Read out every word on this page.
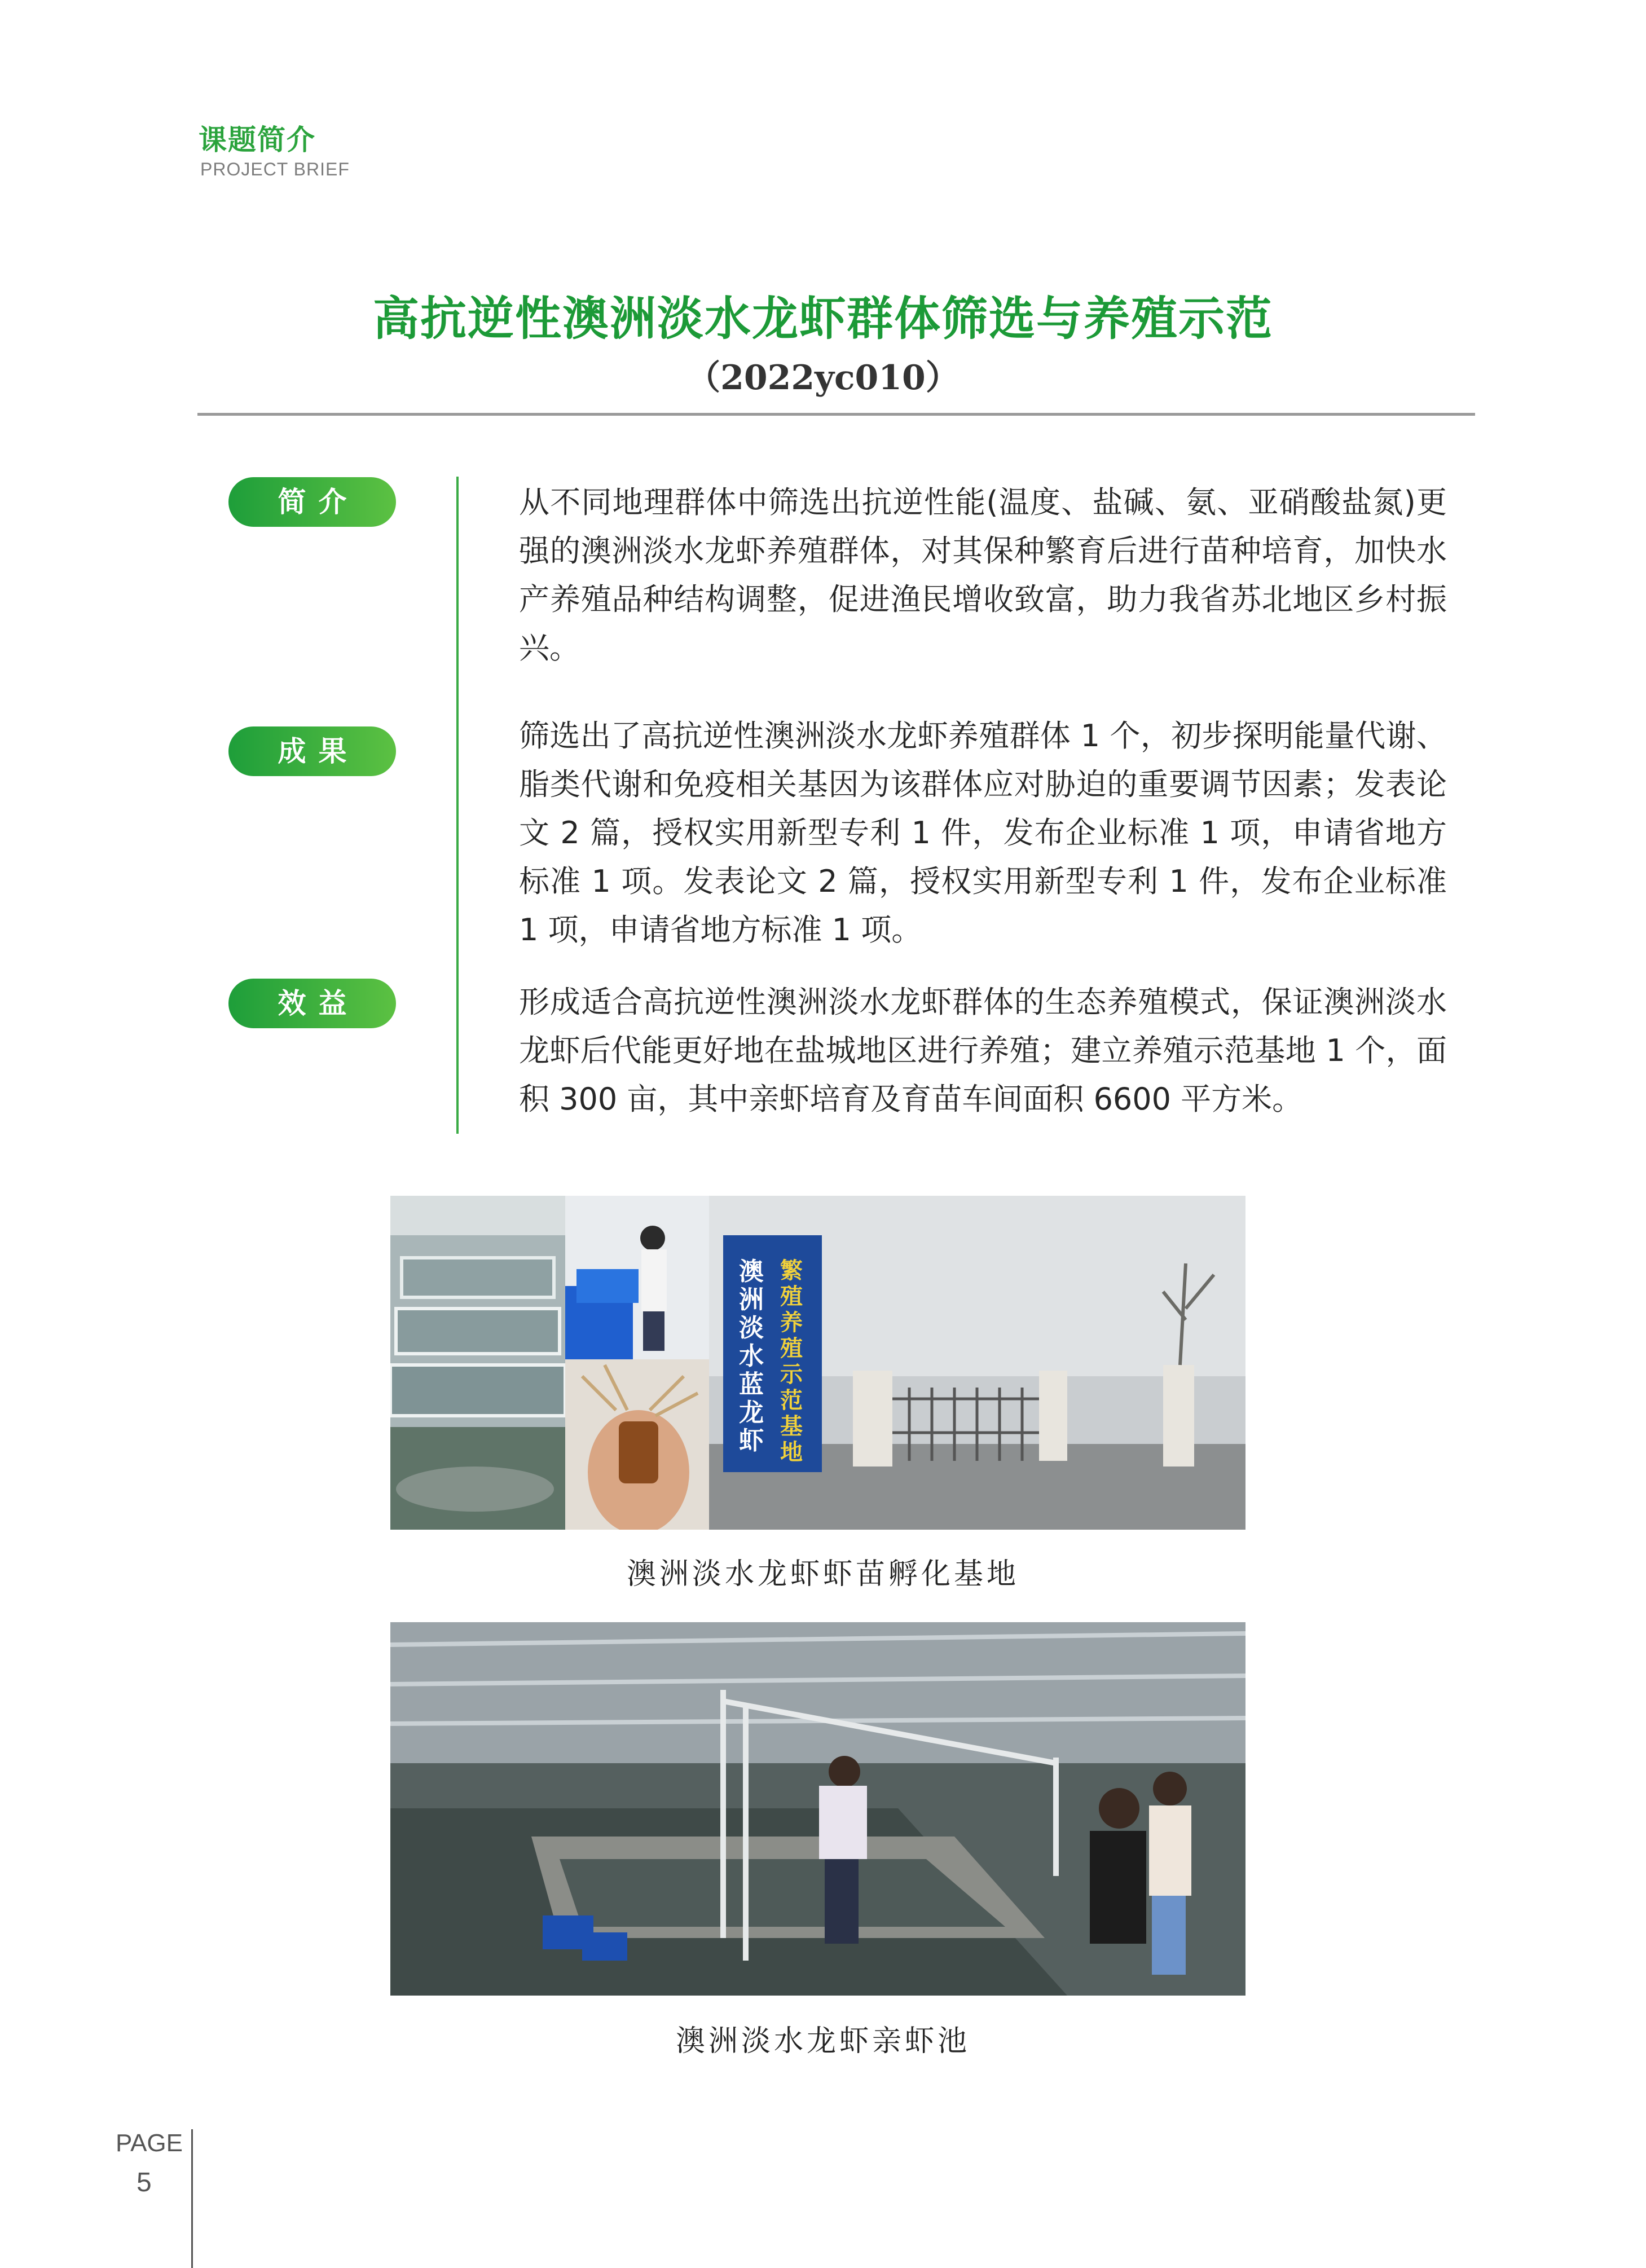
课题简介
PROJECT BRIEF
高抗逆性澳洲淡水龙虾群体筛选与养殖示范
（2022yc010）
简介	从不同地理群体中筛选出抗逆性能(温度、盐碱、氨、亚硝酸盐氮)更强的澳洲淡水龙虾养殖群体，对其保种繁育后进行苗种培育，加快水产养殖品种结构调整，促进渔民增收致富，助力我省苏北地区乡村振兴。
成果	筛选出了高抗逆性澳洲淡水龙虾养殖群体 1 个，初步探明能量代谢、脂类代谢和免疫相关基因为该群体应对胁迫的重要调节因素；发表论文 2 篇，授权实用新型专利 1 件，发布企业标准 1 项，申请省地方标准 1 项。发表论文 2 篇，授权实用新型专利 1 件，发布企业标准 1 项，申请省地方标准 1 项。
效益	形成适合高抗逆性澳洲淡水龙虾群体的生态养殖模式，保证澳洲淡水龙虾后代能更好地在盐城地区进行养殖；建立养殖示范基地 1 个，面积 300 亩，其中亲虾培育及育苗车间面积 6600 平方米。
澳洲淡水蓝龙虾
繁殖养殖示范基地
澳洲淡水龙虾虾苗孵化基地
澳洲淡水龙虾亲虾池
PAGE
5
